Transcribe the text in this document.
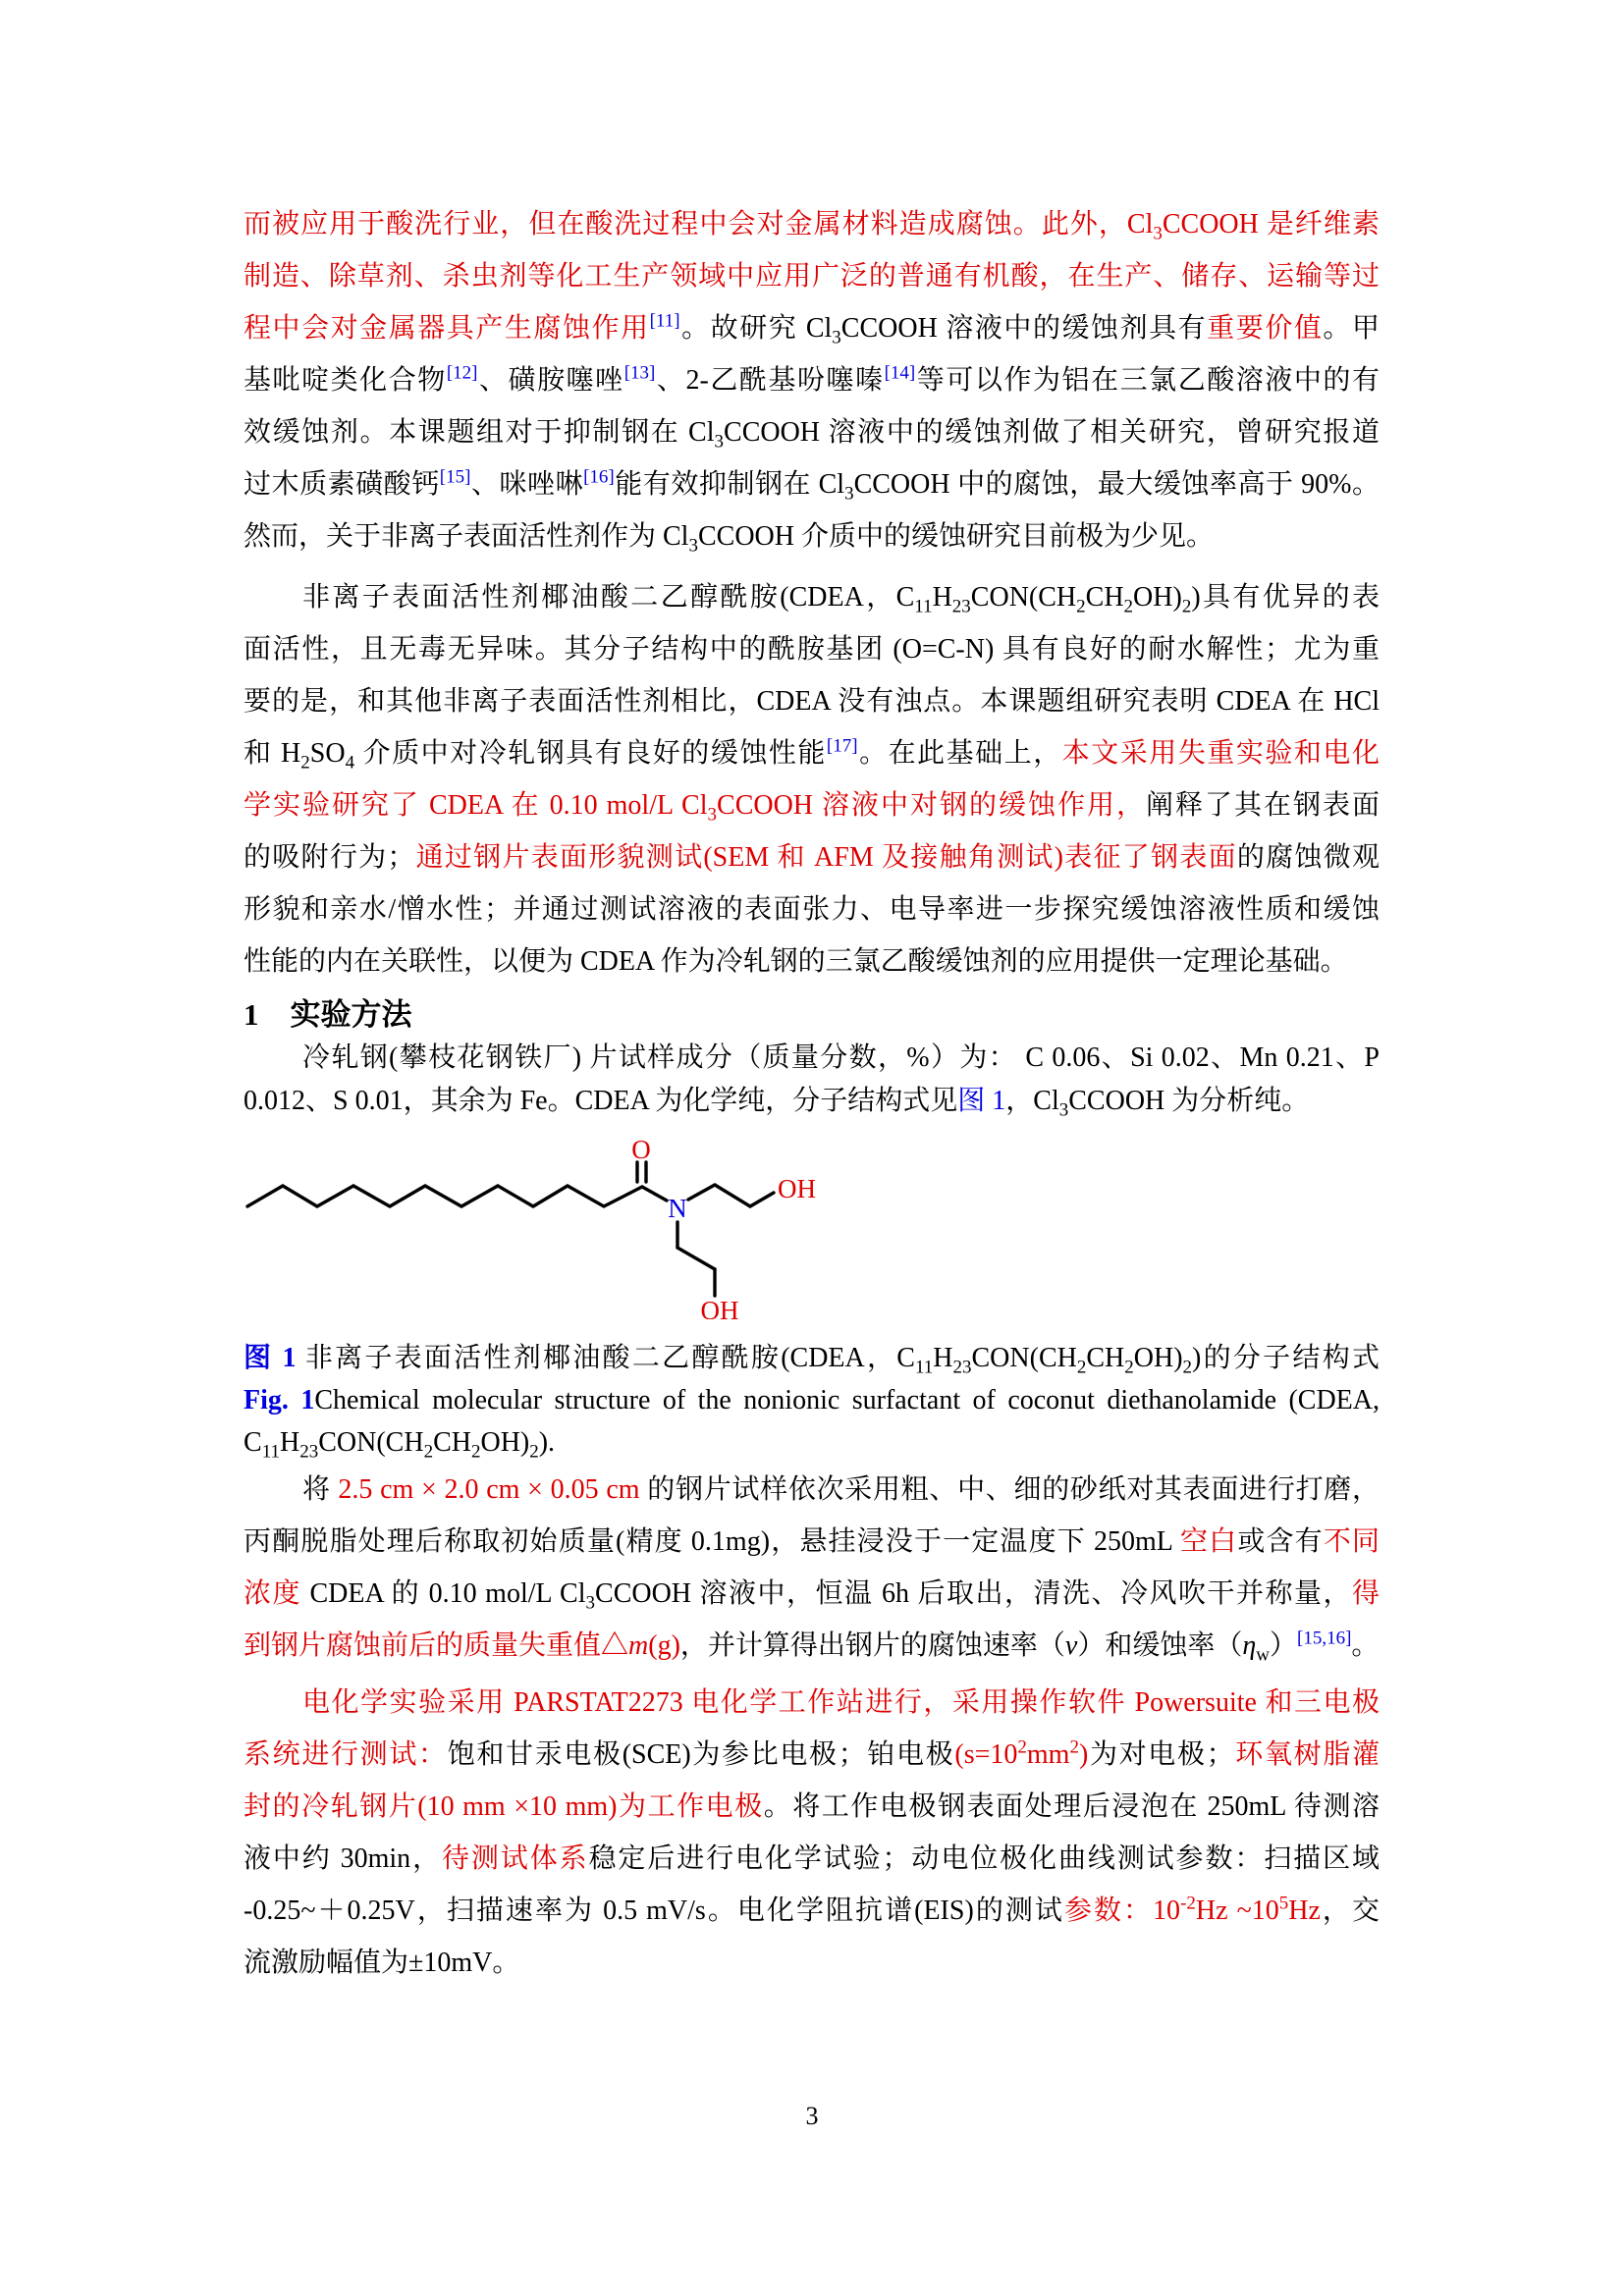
而被应用于酸洗行业，但在酸洗过程中会对金属材料造成腐蚀。此外，$Cl_3CCOOH$ 是纤维素
制造、除草剂、杀虫剂等化工生产领域中应用广泛的普通有机酸，在生产、储存、运输等过
程中会对金属器具产生腐蚀作用[11]。故研究 $Cl_3CCOOH$ 溶液中的缓蚀剂具有重要价值。甲
基吡啶类化合物[12]、磺胺噻唑[13]、2-乙酰基吩噻嗪[14]等可以作为铝在三氯乙酸溶液中的有
效缓蚀剂。本课题组对于抑制钢在 $Cl_3CCOOH$ 溶液中的缓蚀剂做了相关研究，曾研究报道
过木质素磺酸钙[15]、咪唑啉[16]能有效抑制钢在 $Cl_3CCOOH$ 中的腐蚀，最大缓蚀率高于 90%。
然而，关于非离子表面活性剂作为 $Cl_3CCOOH$ 介质中的缓蚀研究目前极为少见。
非离子表面活性剂椰油酸二乙醇酰胺(CDEA，$C_{11}H_{23}CON(CH_2CH_2OH)_2$)具有优异的表
面活性，且无毒无异味。其分子结构中的酰胺基团 (O=C-N) 具有良好的耐水解性；尤为重
要的是，和其他非离子表面活性剂相比，CDEA 没有浊点。本课题组研究表明 CDEA 在 HCl
和 $H_2SO_4$ 介质中对冷轧钢具有良好的缓蚀性能[17]。在此基础上，本文采用失重实验和电化
学实验研究了 CDEA 在 0.10 mol/L $Cl_3CCOOH$ 溶液中对钢的缓蚀作用，阐释了其在钢表面
的吸附行为；通过钢片表面形貌测试(SEM 和 AFM 及接触角测试)表征了钢表面的腐蚀微观
形貌和亲水/憎水性；并通过测试溶液的表面张力、电导率进一步探究缓蚀溶液性质和缓蚀
性能的内在关联性，以便为 CDEA 作为冷轧钢的三氯乙酸缓蚀剂的应用提供一定理论基础。
1 实验方法
冷轧钢(攀枝花钢铁厂) 片试样成分（质量分数，%）为： C 0.06、Si 0.02、Mn 0.21、P
0.012、S 0.01，其余为 Fe。CDEA 为化学纯，分子结构式见图 1，$Cl_3CCOOH$ 为分析纯。
O
N
OH
OH
图 1 非离子表面活性剂椰油酸二乙醇酰胺(CDEA，$C_{11}H_{23}CON(CH_2CH_2OH)_2$)的分子结构式
Fig. 1Chemical molecular structure of the nonionic surfactant of coconut diethanolamide (CDEA,
$C_{11}H_{23}CON(CH_2CH_2OH)_2$).
将 2.5 cm × 2.0 cm × 0.05 cm 的钢片试样依次采用粗、中、细的砂纸对其表面进行打磨，
丙酮脱脂处理后称取初始质量(精度 0.1mg)，悬挂浸没于一定温度下 250mL 空白或含有不同
浓度 CDEA 的 0.10 mol/L $Cl_3CCOOH$ 溶液中，恒温 6h 后取出，清洗、冷风吹干并称量，得
到钢片腐蚀前后的质量失重值△m(g)，并计算得出钢片的腐蚀速率（v）和缓蚀率$(\eta_w)[15,16]$。
电化学实验采用 PARSTAT2273 电化学工作站进行，采用操作软件 Powersuite 和三电极
系统进行测试：饱和甘汞电极(SCE)为参比电极；铂电极$(s=10^2mm^2)$为对电极；环氧树脂灌
封的冷轧钢片(10 mm ×10 mm)为工作电极。将工作电极钢表面处理后浸泡在 250mL 待测溶
液中约 30min，待测试体系稳定后进行电化学试验；动电位极化曲线测试参数：扫描区域
-0.25~＋0.25V，扫描速率为 0.5 mV/s。电化学阻抗谱(EIS)的测试参数：$10^{-2}Hz$ $\sim 10^5Hz$，交
流激励幅值为±10mV。
3
